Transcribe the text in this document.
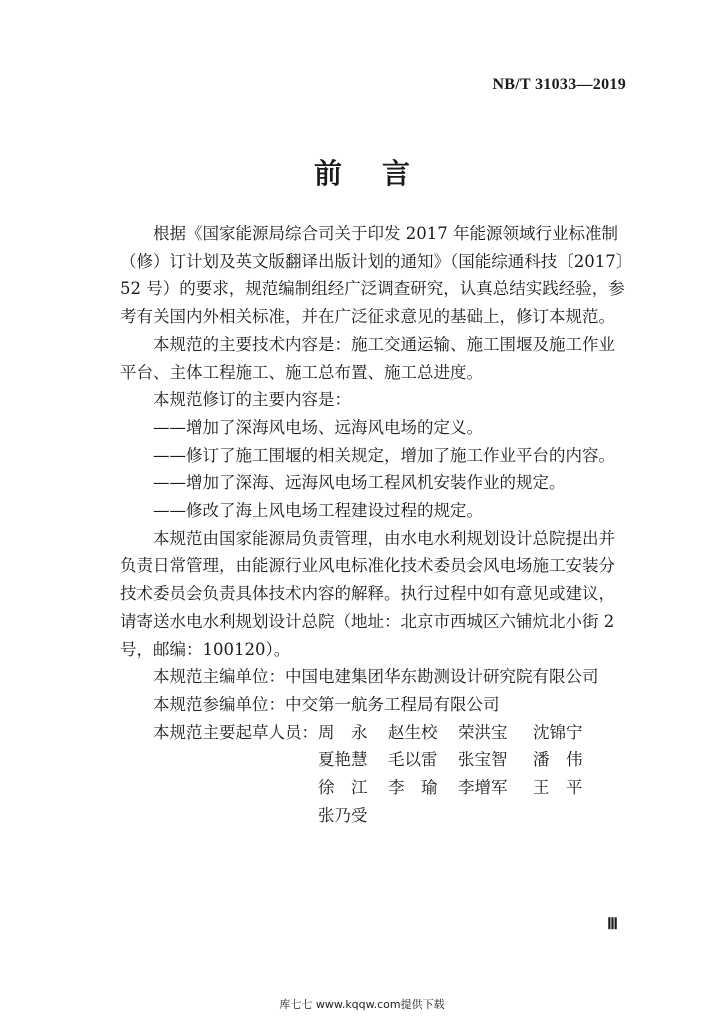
NB/T 31033—2019
前言

根据《国家能源局综合司关于印发 2017 年能源领域行业标准制（修）订计划及英文版翻译出版计划的通知》（国能综通科技〔2017〕52 号）的要求，规范编制组经广泛调查研究，认真总结实践经验，参考有关国内外相关标准，并在广泛征求意见的基础上，修订本规范。

本规范的主要技术内容是：施工交通运输、施工围堰及施工作业平台、主体工程施工、施工总布置、施工总进度。

本规范修订的主要内容是：

——增加了深海风电场、远海风电场的定义。

——修订了施工围堰的相关规定，增加了施工作业平台的内容。

——增加了深海、远海风电场工程风机安装作业的规定。

——修改了海上风电场工程建设过程的规定。

本规范由国家能源局负责管理，由水电水利规划设计总院提出并负责日常管理，由能源行业风电标准化技术委员会风电场施工安装分技术委员会负责具体技术内容的解释。执行过程中如有意见或建议，请寄送水电水利规划设计总院（地址：北京市西城区六铺炕北小街 2 号，邮编：100120）。

本规范主编单位： 中国电建集团华东勘测设计研究院有限公司
本规范参编单位： 中交第一航务工程局有限公司
本规范主要起草人员： 周　永	赵生校	荣洪宝	沈锦宁
夏艳慧	毛以雷	张宝智	潘　伟
徐　江	李　瑜	李增军	王　平
张乃受
Ⅲ
库七七 www.kqqw.com提供下载
